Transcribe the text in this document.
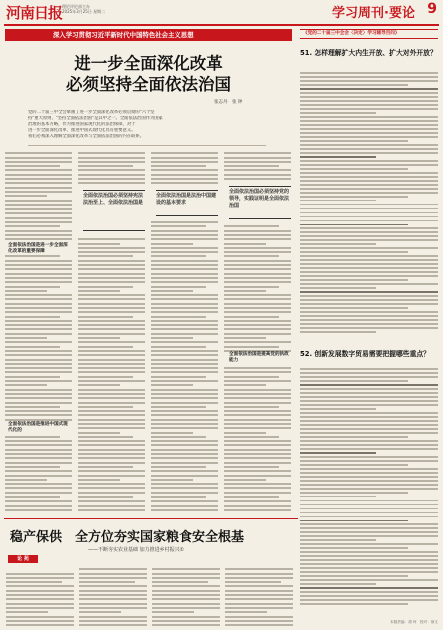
河南日报 理论评论部主办
2025年3月25日 星期二	学习周刊·要论 9
深入学习贯彻习近平新时代中国特色社会主义思想
进一步全面深化改革
必须坚持全面依法治国
张志丹　张 钟
党的二十届三中全会擘画了进一步全面深化改革必须贯彻的"六个坚
持"重大原则，"坚持全面依法治国"是其中之一。全面依法治国作为国家
治理的基本方略，作为推进国家现代化的法治保障，对于
进一步全面深化改革、推进中国式现代化具有重要意义。
我们必须深入理解全面深化改革与全面依法治国的内在联系。
全面依法治国必须坚持宪法法治至上、全面依法治国是
全面依法治国是法治中国建设的基本要求
全面依法治国必须坚持党的领导，实践证明是全面依法治国
全面依法治国是进一步全面深化改革的重要保障
全面依法治国是推进中国式现代化的
全面依法治国是提高党的执政能力
《党的二十届三中全会〈决定〉学习辅导百问》
51. 怎样理解扩大内生开放、扩大对外开放？
52. 创新发展数字贸易需要把握哪些重点？
稳产保供　全方位夯实国家粮食安全根基
——不断夯实农业基础 加力推进乡村振兴①
论 苑
本版责编：胡 珂　校对：徐文
